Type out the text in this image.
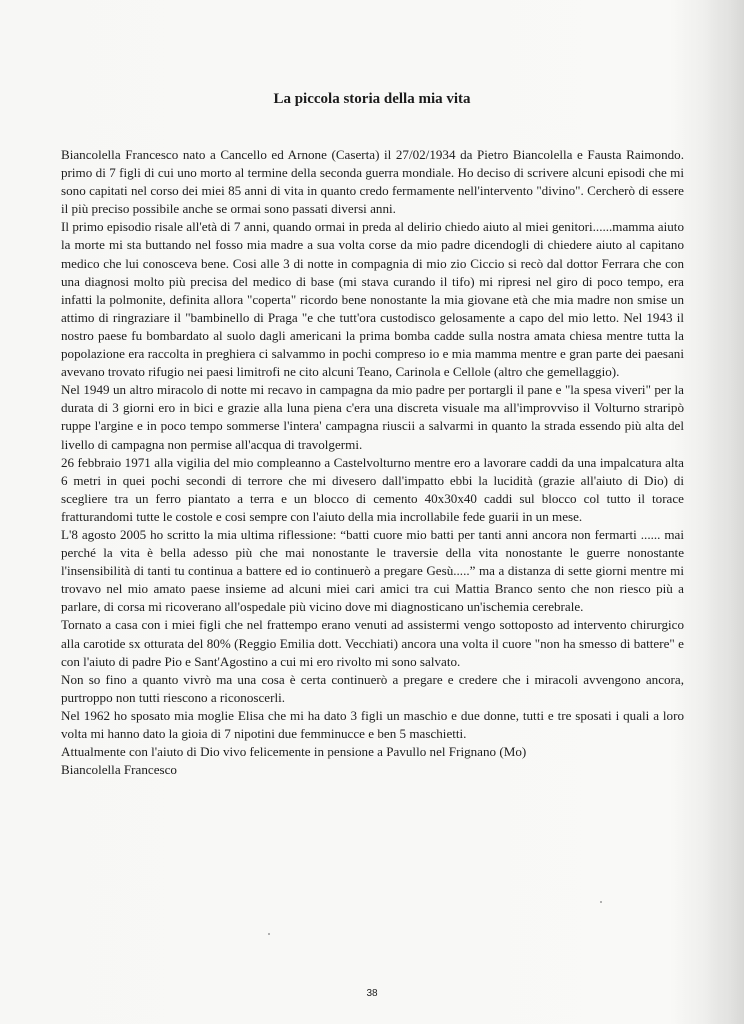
La piccola storia della mia vita

Biancolella Francesco nato a Cancello ed Arnone (Caserta) il 27/02/1934 da Pietro Biancolella e Fausta Raimondo. primo di 7 figli di cui uno morto al termine della seconda guerra mondiale. Ho deciso di scrivere alcuni episodi che mi sono capitati nel corso dei miei 85 anni di vita in quanto credo fermamente nell'intervento "divino". Cercherò di essere il più preciso possibile anche se ormai sono passati diversi anni.

Il primo episodio risale all'età di 7 anni, quando ormai in preda al delirio chiedo aiuto al miei genitori......mamma aiuto la morte mi sta buttando nel fosso mia madre a sua volta corse da mio padre dicendogli di chiedere aiuto al capitano medico che lui conosceva bene. Cosi alle 3 di notte in compagnia di mio zio Ciccio si recò dal dottor Ferrara che con una diagnosi molto più precisa del medico di base (mi stava curando il tifo) mi ripresi nel giro di poco tempo, era infatti la polmonite, definita allora "coperta" ricordo bene nonostante la mia giovane età che mia madre non smise un attimo di ringraziare il "bambinello di Praga "e che tutt'ora custodisco gelosamente a capo del mio letto. Nel 1943 il nostro paese fu bombardato al suolo dagli americani la prima bomba cadde sulla nostra amata chiesa mentre tutta la popolazione era raccolta in preghiera ci salvammo in pochi compreso io e mia mamma mentre e gran parte dei paesani avevano trovato rifugio nei paesi limitrofi ne cito alcuni Teano, Carinola e Cellole (altro che gemellaggio).

Nel 1949 un altro miracolo di notte mi recavo in campagna da mio padre per portargli il pane e "la spesa viveri" per la durata di 3 giorni ero in bici e grazie alla luna piena c'era una discreta visuale ma all'improvviso il Volturno straripò ruppe l'argine e in poco tempo sommerse l'intera' campagna riuscii a salvarmi in quanto la strada essendo più alta del livello di campagna non permise all'acqua di travolgermi.

26 febbraio 1971 alla vigilia del mio compleanno a Castelvolturno mentre ero a lavorare caddi da una impalcatura alta 6 metri in quei pochi secondi di terrore che mi divesero dall'impatto ebbi la lucidità (grazie all'aiuto di Dio) di scegliere tra un ferro piantato a terra e un blocco di cemento 40x30x40 caddi sul blocco col tutto il torace fratturandomi tutte le costole e cosi sempre con l'aiuto della mia incrollabile fede guarii in un mese.

L'8 agosto 2005 ho scritto la mia ultima riflessione: “batti cuore mio batti per tanti anni ancora non fermarti ...... mai perché la vita è bella adesso più che mai nonostante le traversie della vita nonostante le guerre nonostante l'insensibilità di tanti tu continua a battere ed io continuerò a pregare Gesù.....” ma a distanza di sette giorni mentre mi trovavo nel mio amato paese insieme ad alcuni miei cari amici tra cui Mattia Branco sento che non riesco più a parlare, di corsa mi ricoverano all'ospedale più vicino dove mi diagnosticano un'ischemia cerebrale.

Tornato a casa con i miei figli che nel frattempo erano venuti ad assistermi vengo sottoposto ad intervento chirurgico alla carotide sx otturata del 80% (Reggio Emilia dott. Vecchiati) ancora una volta il cuore "non ha smesso di battere" e con l'aiuto di padre Pio e Sant'Agostino a cui mi ero rivolto mi sono salvato.

Non so fino a quanto vivrò ma una cosa è certa continuerò a pregare e credere che i miracoli avvengono ancora, purtroppo non tutti riescono a riconoscerli.

Nel 1962 ho sposato mia moglie Elisa che mi ha dato 3 figli un maschio e due donne, tutti e tre sposati i quali a loro volta mi hanno dato la gioia di 7 nipotini due femminucce e ben 5 maschietti.

Attualmente con l'aiuto di Dio vivo felicemente in pensione a Pavullo nel Frignano (Mo)

Biancolella Francesco

38
